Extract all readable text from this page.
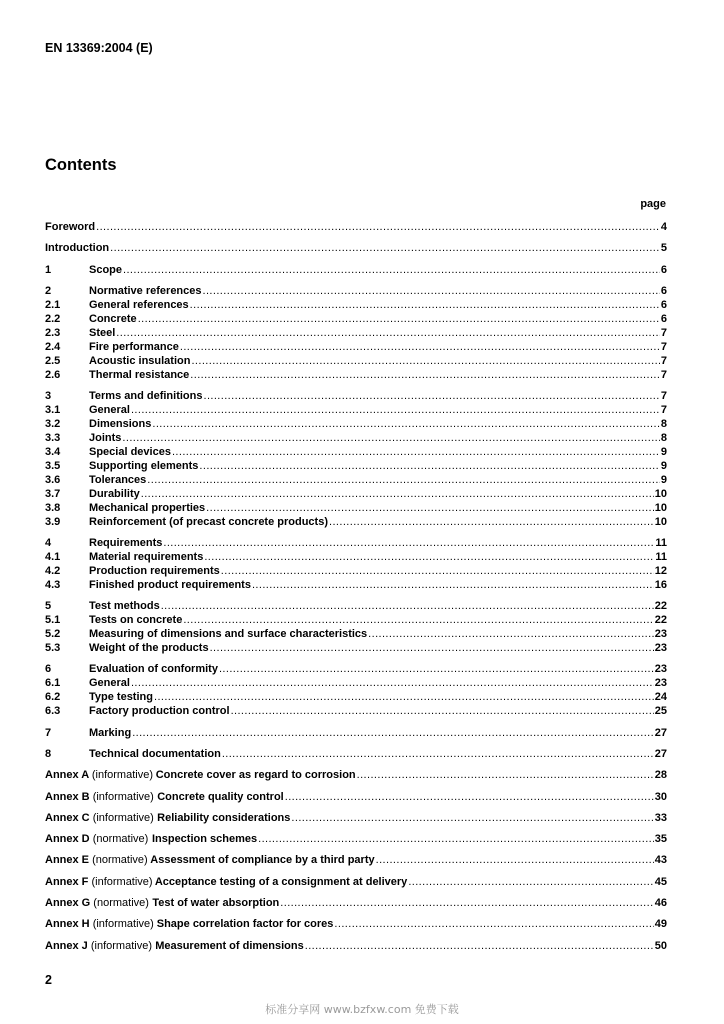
EN 13369:2004 (E)
Contents
page
Foreword .....	4
Introduction .....	5
1	Scope .....	6
2	Normative references .....	6
2.1	General references .....	6
2.2	Concrete .....	6
2.3	Steel .....	7
2.4	Fire performance .....	7
2.5	Acoustic insulation .....	7
2.6	Thermal resistance .....	7
3	Terms and definitions .....	7
3.1	General .....	7
3.2	Dimensions .....	8
3.3	Joints .....	8
3.4	Special devices .....	9
3.5	Supporting elements .....	9
3.6	Tolerances .....	9
3.7	Durability .....	10
3.8	Mechanical properties .....	10
3.9	Reinforcement (of precast concrete products) .....	10
4	Requirements .....	11
4.1	Material requirements .....	11
4.2	Production requirements .....	12
4.3	Finished product requirements .....	16
5	Test methods .....	22
5.1	Tests on concrete .....	22
5.2	Measuring of dimensions and surface characteristics .....	23
5.3	Weight of the products .....	23
6	Evaluation of conformity .....	23
6.1	General .....	23
6.2	Type testing .....	24
6.3	Factory production control .....	25
7	Marking .....	27
8	Technical documentation .....	27
Annex A (informative) Concrete cover as regard to corrosion .....	28
Annex B (informative) Concrete quality control .....	30
Annex C (informative) Reliability considerations .....	33
Annex D (normative) Inspection schemes .....	35
Annex E (normative) Assessment of compliance by a third party .....	43
Annex F (informative) Acceptance testing of a consignment at delivery .....	45
Annex G (normative) Test of water absorption .....	46
Annex H (informative) Shape correlation factor for cores .....	49
Annex J (informative) Measurement of dimensions .....	50
2
标准分享网 www.bzfxw.com 免费下载
